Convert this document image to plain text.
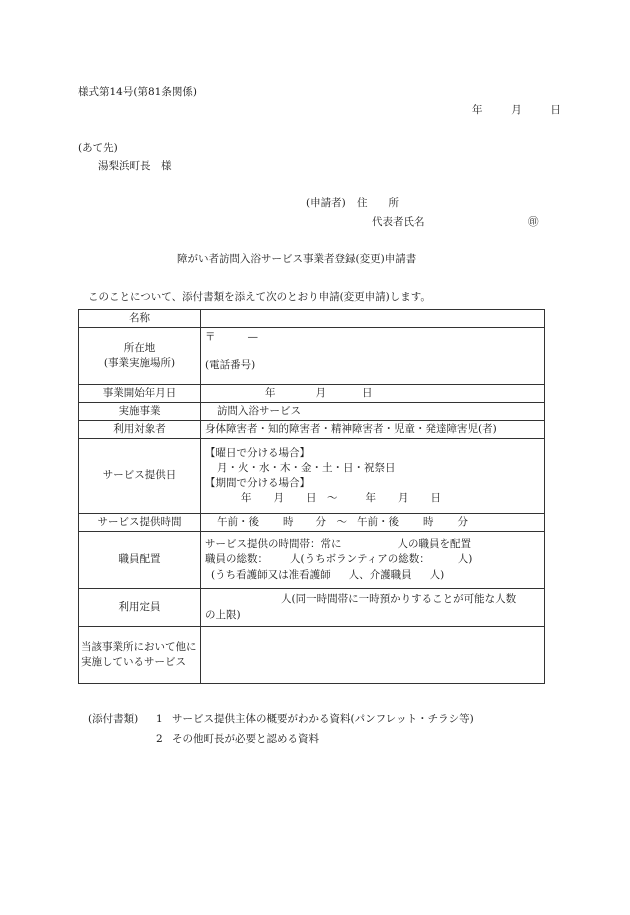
様式第14号(第81条関係)
年	月	日
(あて先)
湯梨浜町長　様
(申請者) 住　　所
代表者氏名	㊞
障がい者訪問入浴サービス事業者登録(変更)申請書
このことについて、添付書類を添えて次のとおり申請(変更申請)します。
名称	

所在地
(事業実施場所)	〒 —
(電話番号)

事業開始年月日	年 月 日
実施事業	訪問入浴サービス
利用対象者	身体障害者・知的障害者・精神障害者・児童・発達障害児(者)
サービス提供日	【曜日で分ける場合】
月・火・水・木・金・土・日・祝祭日
【期間で分ける場合】
年 月 日　～ 年 月 日

サービス提供時間	午前・後 時 分　～ 午前・後 時 分
職員配置	サービス提供の時間帯：常に 人の職員を配置
職員の総数： 人(うちボランティアの総数： 人)
(うち看護師又は准看護師 人、介護職員 人)

利用定員	人(同一時間帯に一時預かりすることが可能な人数
の上限)

当該事業所において他に実施しているサービス	
(添付書類) 1 サービス提供主体の概要がわかる資料(パンフレット・チラシ等)
2 その他町長が必要と認める資料
